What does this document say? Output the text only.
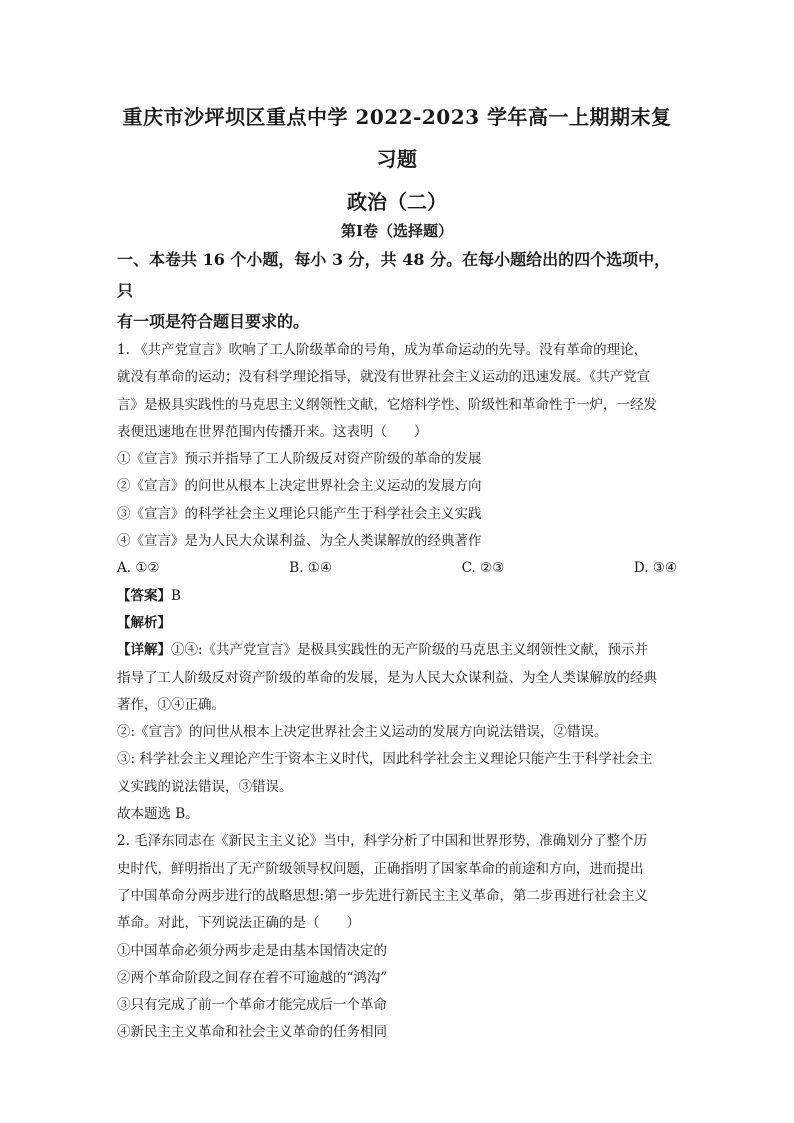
重庆市沙坪坝区重点中学 2022-2023 学年高一上期期末复
习题
政治（二）
第Ⅰ卷（选择题）
一、本卷共 16 个小题，每小 3 分，共 48 分。在每小题给出的四个选项中，只
有一项是符合题目要求的。
1. 《共产党宣言》吹响了工人阶级革命的号角，成为革命运动的先导。没有革命的理论，
就没有革命的运动；没有科学理论指导，就没有世界社会主义运动的迅速发展。《共产党宣
言》是极具实践性的马克思主义纲领性文献，它熔科学性、阶级性和革命性于一炉，一经发
表便迅速地在世界范围内传播开来。这表明（　　）
①《宣言》预示并指导了工人阶级反对资产阶级的革命的发展
②《宣言》的问世从根本上决定世界社会主义运动的发展方向
③《宣言》的科学社会主义理论只能产生于科学社会主义实践
④《宣言》是为人民大众谋利益、为全人类谋解放的经典著作
A. ①②	B. ①④	C. ②③	D. ③④
【答案】B
【解析】
【详解】①④:《共产党宣言》是极具实践性的无产阶级的马克思主义纲领性文献，预示并
指导了工人阶级反对资产阶级的革命的发展，是为人民大众谋利益、为全人类谋解放的经典
著作，①④正确。
②:《宣言》的问世从根本上决定世界社会主义运动的发展方向说法错误，②错误。
③: 科学社会主义理论产生于资本主义时代，因此科学社会主义理论只能产生于科学社会主
义实践的说法错误，③错误。
故本题选 B。
2. 毛泽东同志在《新民主主义论》当中，科学分析了中国和世界形势，准确划分了整个历
史时代，鲜明指出了无产阶级领导权问题，正确指明了国家革命的前途和方向，进而提出
了中国革命分两步进行的战略思想:第一步先进行新民主主义革命，第二步再进行社会主义
革命。对此，下列说法正确的是（　　）
①中国革命必须分两步走是由基本国情决定的
②两个革命阶段之间存在着不可逾越的“鸿沟”
③只有完成了前一个革命才能完成后一个革命
④新民主主义革命和社会主义革命的任务相同
